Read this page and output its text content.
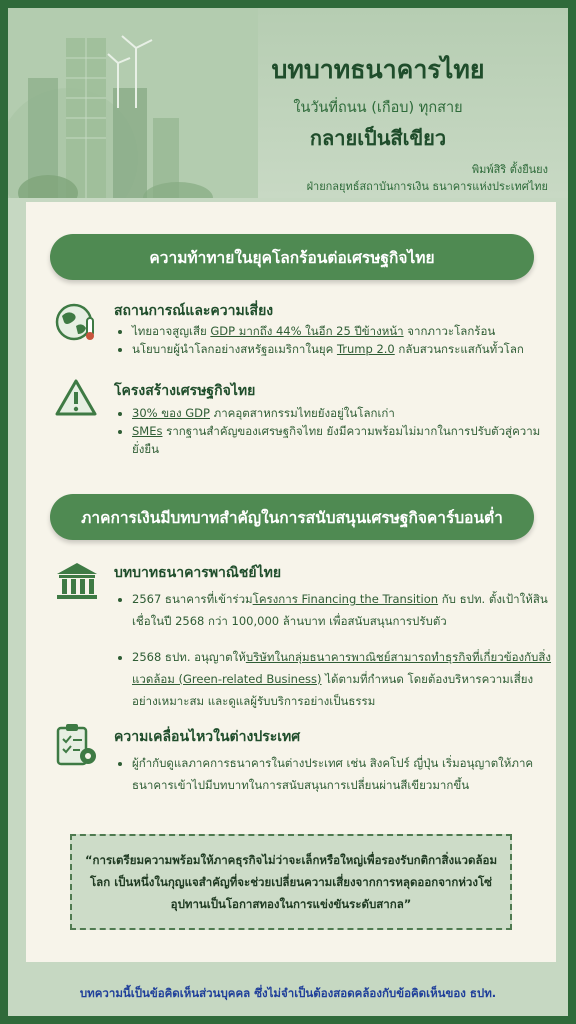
บทบาทธนาคารไทย
ในวันที่ถนน (เกือบ) ทุกสาย
กลายเป็นสีเขียว
พิมพ์สิริ ตั้งยืนยง
ฝ่ายกลยุทธ์สถาบันการเงิน ธนาคารแห่งประเทศไทย
ความท้าทายในยุคโลกร้อนต่อเศรษฐกิจไทย
สถานการณ์และความเสี่ยง
• ไทยอาจสูญเสีย GDP มากถึง 44% ในอีก 25 ปีข้างหน้า จากภาวะโลกร้อน
• นโยบายผู้นำโลกอย่างสหรัฐอเมริกาในยุค Trump 2.0 กลับสวนกระแสกันทั้วโลก
โครงสร้างเศรษฐกิจไทย
• 30% ของ GDP ภาคอุตสาหกรรมไทยยังอยู่ในโลกเก่า
• SMEs รากฐานสำคัญของเศรษฐกิจไทย ยังมีความพร้อมไม่มากในการปรับตัวสู่ความยั่งยืน
ภาคการเงินมีบทบาทสำคัญในการสนับสนุนเศรษฐกิจคาร์บอนต่ำ
บทบาทธนาคารพาณิชย์ไทย
• 2567 ธนาคารที่เข้าร่วมโครงการ Financing the Transition กับ ธปท. ตั้งเป้าให้สินเชื่อในปี 2568 กว่า 100,000 ล้านบาท เพื่อสนับสนุนการปรับตัว
• 2568 ธปท. อนุญาตให้บริษัทในกลุ่มธนาคารพาณิชย์สามารถทำธุรกิจที่เกี่ยวข้องกับสิ่งแวดล้อม (Green-related Business) ได้ตามที่กำหนด โดยต้องบริหารความเสี่ยงอย่างเหมาะสม และดูแลผู้รับบริการอย่างเป็นธรรม
ความเคลื่อนไหวในต่างประเทศ
• ผู้กำกับดูแลภาคการธนาคารในต่างประเทศ เช่น สิงคโปร์ ญี่ปุ่น เริ่มอนุญาตให้ภาคธนาคารเข้าไปมีบทบาทในการสนับสนุนการเปลี่ยนผ่านสีเขียวมากขึ้น
“การเตรียมความพร้อมให้ภาคธุรกิจไม่ว่าจะเล็กหรือใหญ่เพื่อรองรับกติกาสิ่งแวดล้อมโลก เป็นหนึ่งในกุญแจสำคัญที่จะช่วยเปลี่ยนความเสี่ยงจากการหลุดออกจากห่วงโซ่อุปทานเป็นโอกาสทองในการแข่งขันระดับสากล”
บทความนี้เป็นข้อคิดเห็นส่วนบุคคล ซึ่งไม่จำเป็นต้องสอดคล้องกับข้อคิดเห็นของ ธปท.
